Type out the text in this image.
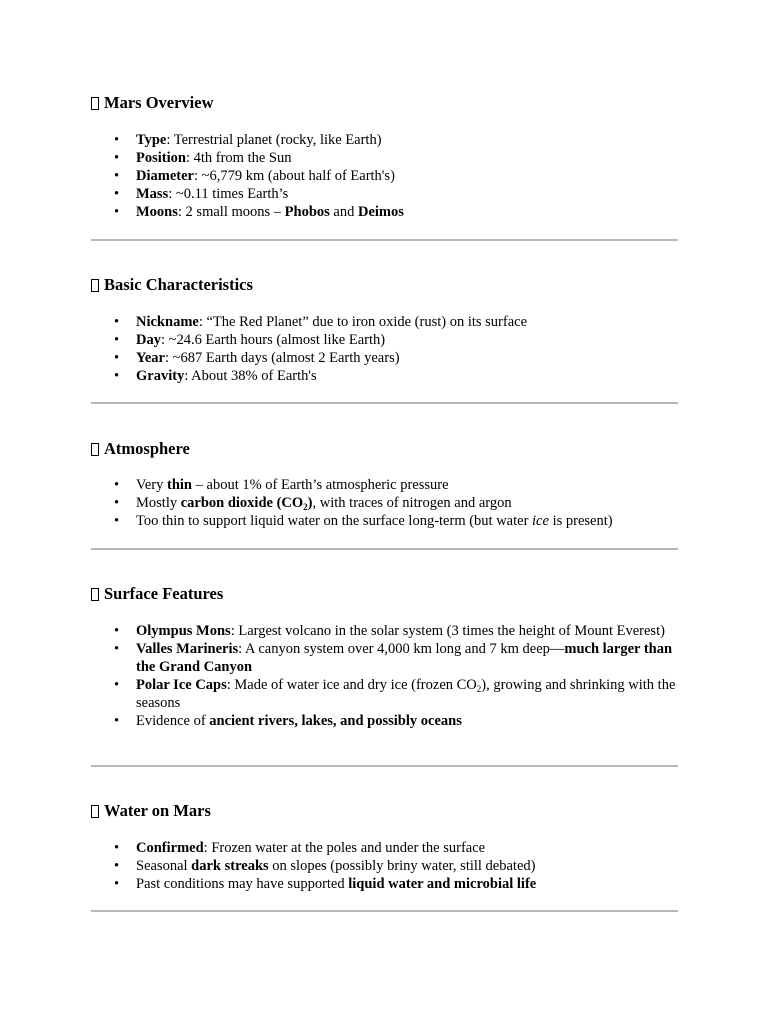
Mars Overview
• Type: Terrestrial planet (rocky, like Earth)
• Position: 4th from the Sun
• Diameter: ~6,779 km (about half of Earth's)
• Mass: ~0.11 times Earth’s
• Moons: 2 small moons – Phobos and Deimos
Basic Characteristics
• Nickname: “The Red Planet” due to iron oxide (rust) on its surface
• Day: ~24.6 Earth hours (almost like Earth)
• Year: ~687 Earth days (almost 2 Earth years)
• Gravity: About 38% of Earth's
Atmosphere
• Very thin – about 1% of Earth’s atmospheric pressure
• Mostly carbon dioxide $(CO_2)$, with traces of nitrogen and argon
• Too thin to support liquid water on the surface long-term (but water ice is present)
Surface Features
• Olympus Mons: Largest volcano in the solar system (3 times the height of Mount Everest)
• Valles Marineris: A canyon system over 4,000 km long and 7 km deep—much larger than the Grand Canyon
• Polar Ice Caps: Made of water ice and dry ice (frozen $CO_2$), growing and shrinking with the seasons
• Evidence of ancient rivers, lakes, and possibly oceans
Water on Mars
• Confirmed: Frozen water at the poles and under the surface
• Seasonal dark streaks on slopes (possibly briny water, still debated)
• Past conditions may have supported liquid water and microbial life
